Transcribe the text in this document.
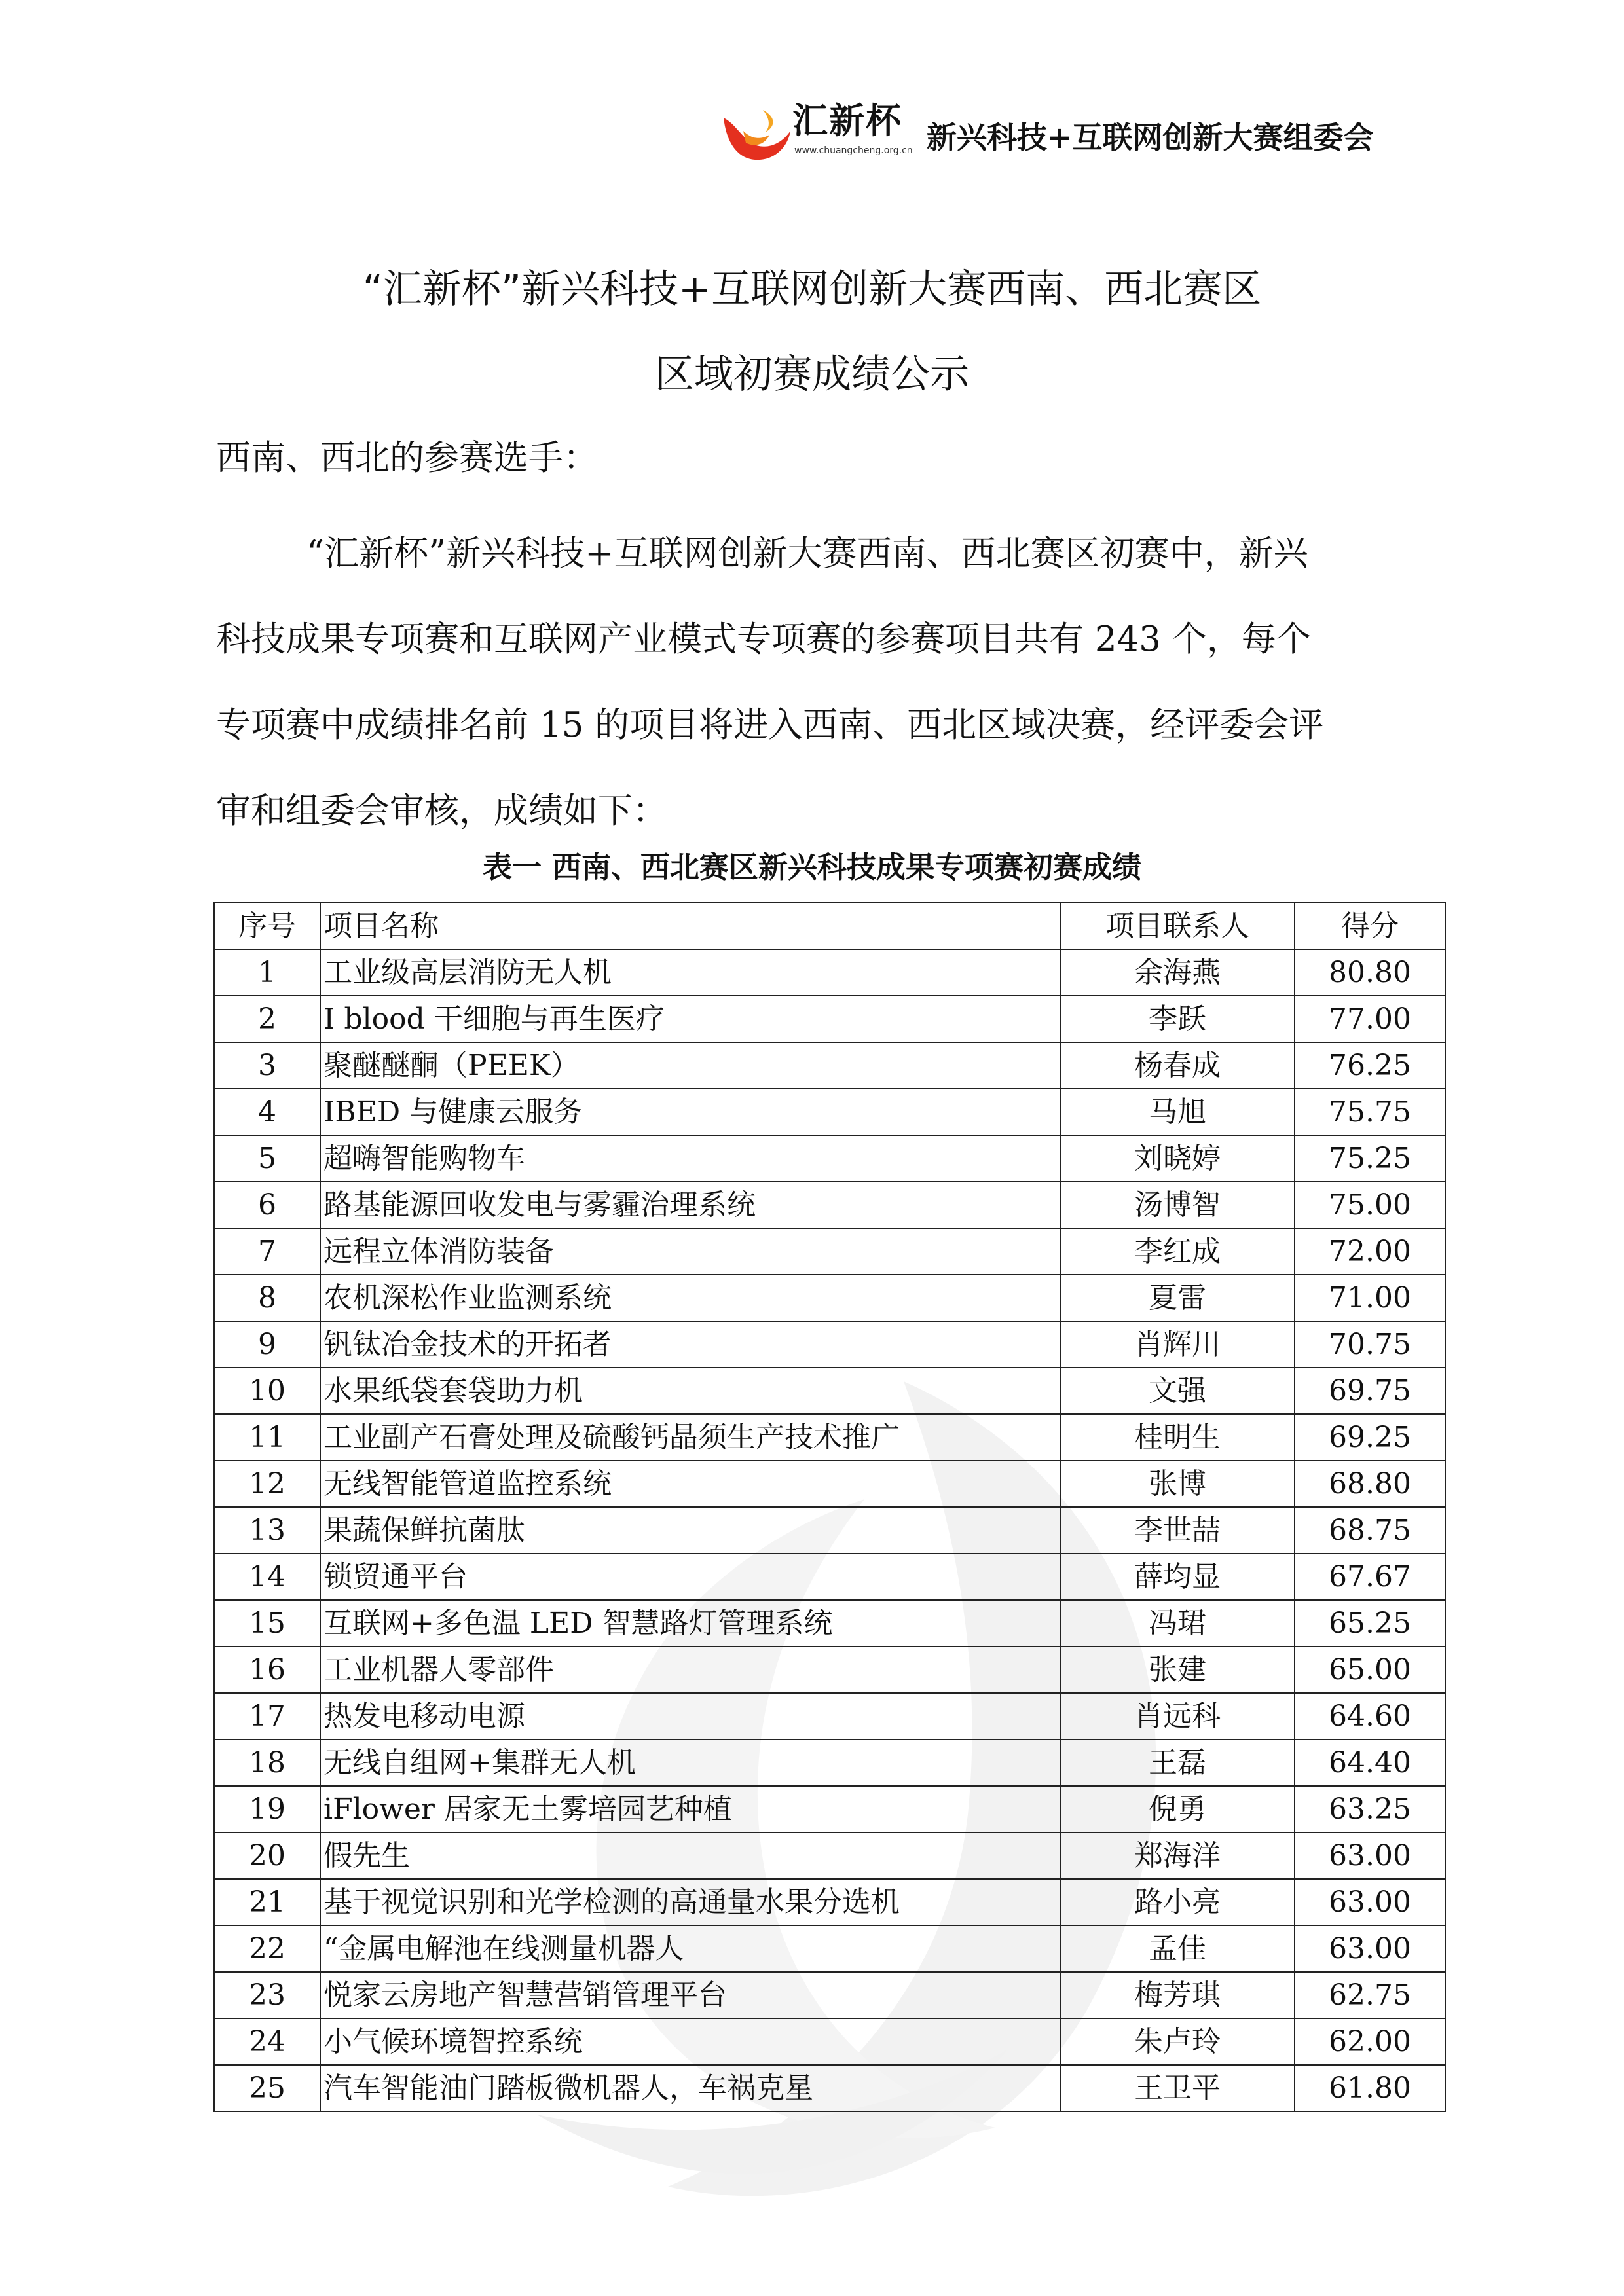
汇新杯
www.chuangcheng.org.cn 新兴科技+互联网创新大赛组委会
“汇新杯”新兴科技+互联网创新大赛西南、西北赛区
区域初赛成绩公示
西南、西北的参赛选手：
“汇新杯”新兴科技+互联网创新大赛西南、西北赛区初赛中，新兴
科技成果专项赛和互联网产业模式专项赛的参赛项目共有 243 个，每个
专项赛中成绩排名前 15 的项目将进入西南、西北区域决赛，经评委会评
审和组委会审核，成绩如下：
表一 西南、西北赛区新兴科技成果专项赛初赛成绩
序号	项目名称	项目联系人	得分
1	工业级高层消防无人机	余海燕	80.80
2	I blood 干细胞与再生医疗	李跃	77.00
3	聚醚醚酮（PEEK）	杨春成	76.25
4	IBED 与健康云服务	马旭	75.75
5	超嗨智能购物车	刘晓婷	75.25
6	路基能源回收发电与雾霾治理系统	汤博智	75.00
7	远程立体消防装备	李红成	72.00
8	农机深松作业监测系统	夏雷	71.00
9	钒钛冶金技术的开拓者	肖辉川	70.75
10	水果纸袋套袋助力机	文强	69.75
11	工业副产石膏处理及硫酸钙晶须生产技术推广	桂明生	69.25
12	无线智能管道监控系统	张博	68.80
13	果蔬保鲜抗菌肽	李世喆	68.75
14	锁贸通平台	薛均显	67.67
15	互联网+多色温 LED 智慧路灯管理系统	冯珺	65.25
16	工业机器人零部件	张建	65.00
17	热发电移动电源	肖远科	64.60
18	无线自组网+集群无人机	王磊	64.40
19	iFlower 居家无土雾培园艺种植	倪勇	63.25
20	假先生	郑海洋	63.00
21	基于视觉识别和光学检测的高通量水果分选机	路小亮	63.00
22	“金属电解池在线测量机器人	孟佳	63.00
23	悦家云房地产智慧营销管理平台	梅芳琪	62.75
24	小气候环境智控系统	朱卢玲	62.00
25	汽车智能油门踏板微机器人，车祸克星	王卫平	61.80
